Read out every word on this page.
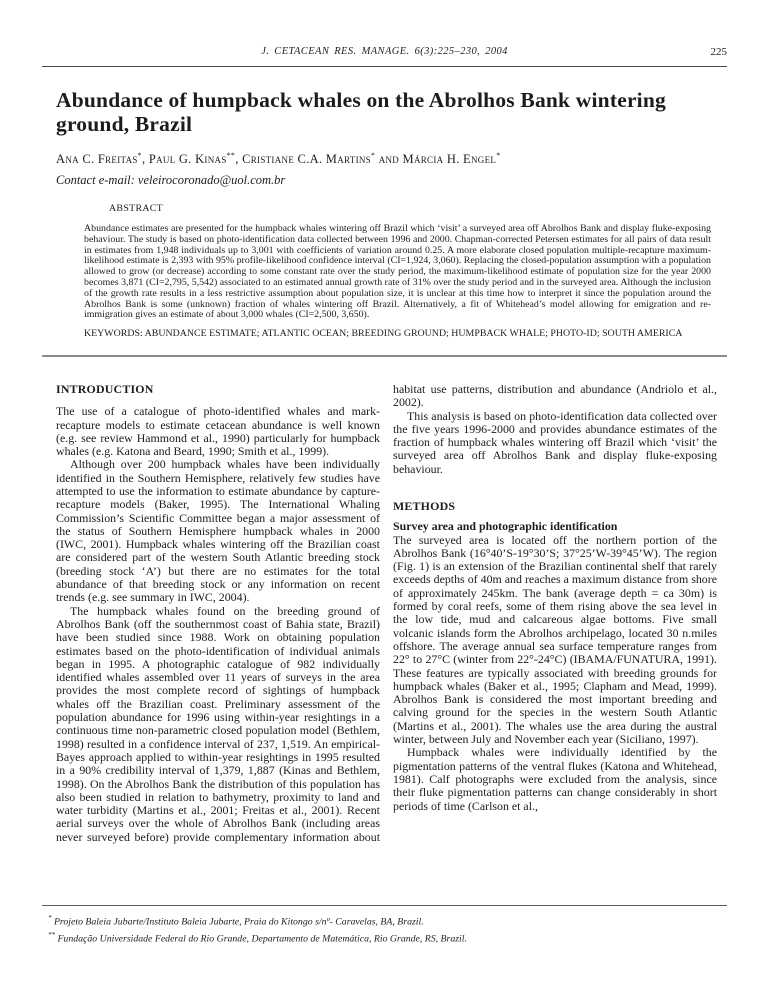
J. CETACEAN RES. MANAGE. 6(3):225–230, 2004	225
Abundance of humpback whales on the Abrolhos Bank wintering ground, Brazil
Ana C. Freitas*, Paul G. Kinas**, Cristiane C.A. Martins* and Márcia H. Engel*
Contact e-mail: veleirocoronado@uol.com.br
ABSTRACT

Abundance estimates are presented for the humpback whales wintering off Brazil which ‘visit’ a surveyed area off Abrolhos Bank and display fluke-exposing behaviour. The study is based on photo-identification data collected between 1996 and 2000. Chapman-corrected Petersen estimates for all pairs of data result in estimates from 1,948 individuals up to 3,001 with coefficients of variation around 0.25. A more elaborate closed population multiple-recapture maximum-likelihood estimate is 2,393 with 95% profile-likelihood confidence interval (CI=1,924, 3,060). Replacing the closed-population assumption with a population allowed to grow (or decrease) according to some constant rate over the study period, the maximum-likelihood estimate of population size for the year 2000 becomes 3,871 (CI=2,795, 5,542) associated to an estimated annual growth rate of 31% over the study period and in the surveyed area. Although the inclusion of the growth rate results in a less restrictive assumption about population size, it is unclear at this time how to interpret it since the population around the Abrolhos Bank is some (unknown) fraction of whales wintering off Brazil. Alternatively, a fit of Whitehead’s model allowing for emigration and re-immigration gives an estimate of about 3,000 whales (CI=2,500, 3,650).

KEYWORDS: ABUNDANCE ESTIMATE; ATLANTIC OCEAN; BREEDING GROUND; HUMPBACK WHALE; PHOTO-ID; SOUTH AMERICA

INTRODUCTION

The use of a catalogue of photo-identified whales and mark-recapture models to estimate cetacean abundance is well known (e.g. see review Hammond et al., 1990) particularly for humpback whales (e.g. Katona and Beard, 1990; Smith et al., 1999).

Although over 200 humpback whales have been individually identified in the Southern Hemisphere, relatively few studies have attempted to use the information to estimate abundance by capture-recapture models (Baker, 1995). The International Whaling Commission’s Scientific Committee began a major assessment of the status of Southern Hemisphere humpback whales in 2000 (IWC, 2001). Humpback whales wintering off the Brazilian coast are considered part of the western South Atlantic breeding stock (breeding stock ‘A’) but there are no estimates for the total abundance of that breeding stock or any information on recent trends (e.g. see summary in IWC, 2004).

The humpback whales found on the breeding ground of Abrolhos Bank (off the southernmost coast of Bahia state, Brazil) have been studied since 1988. Work on obtaining population estimates based on the photo-identification of individual animals began in 1995. A photographic catalogue of 982 individually identified whales assembled over 11 years of surveys in the area provides the most complete record of sightings of humpback whales off the Brazilian coast. Preliminary assessment of the population abundance for 1996 using within-year resightings in a continuous time non-parametric closed population model (Bethlem, 1998) resulted in a confidence interval of 237, 1,519. An empirical-Bayes approach applied to within-year resightings in 1995 resulted in a 90% credibility interval of 1,379, 1,887 (Kinas and Bethlem, 1998). On the Abrolhos Bank the distribution of this population has also been studied in relation to bathymetry, proximity to land and water turbidity (Martins et al., 2001; Freitas et al., 2001). Recent aerial surveys over the whole of Abrolhos Bank (including areas never surveyed before) provide complementary information about habitat use patterns, distribution and abundance (Andriolo et al., 2002).

This analysis is based on photo-identification data collected over the five years 1996-2000 and provides abundance estimates of the fraction of humpback whales wintering off Brazil which ‘visit’ the surveyed area off Abrolhos Bank and display fluke-exposing behaviour.

METHODS
Survey area and photographic identification

The surveyed area is located off the northern portion of the Abrolhos Bank (16°40’S-19°30’S; 37°25’W-39°45’W). The region (Fig. 1) is an extension of the Brazilian continental shelf that rarely exceeds depths of 40m and reaches a maximum distance from shore of approximately 245km. The bank (average depth = ca 30m) is formed by coral reefs, some of them rising above the sea level in the low tide, mud and calcareous algae bottoms. Five small volcanic islands form the Abrolhos archipelago, located 30 n.miles offshore. The average annual sea surface temperature ranges from 22° to 27°C (winter from 22°-24°C) (IBAMA/FUNATURA, 1991). These features are typically associated with breeding grounds for humpback whales (Baker et al., 1995; Clapham and Mead, 1999). Abrolhos Bank is considered the most important breeding and calving ground for the species in the western South Atlantic (Martins et al., 2001). The whales use the area during the austral winter, between July and November each year (Siciliano, 1997).

Humpback whales were individually identified by the pigmentation patterns of the ventral flukes (Katona and Whitehead, 1981). Calf photographs were excluded from the analysis, since their fluke pigmentation patterns can change considerably in short periods of time (Carlson et al.,

* Projeto Baleia Jubarte/Instituto Baleia Jubarte, Praia do Kitongo s/nº- Caravelas, BA, Brazil.

** Fundação Universidade Federal do Rio Grande, Departamento de Matemática, Rio Grande, RS, Brazil.
